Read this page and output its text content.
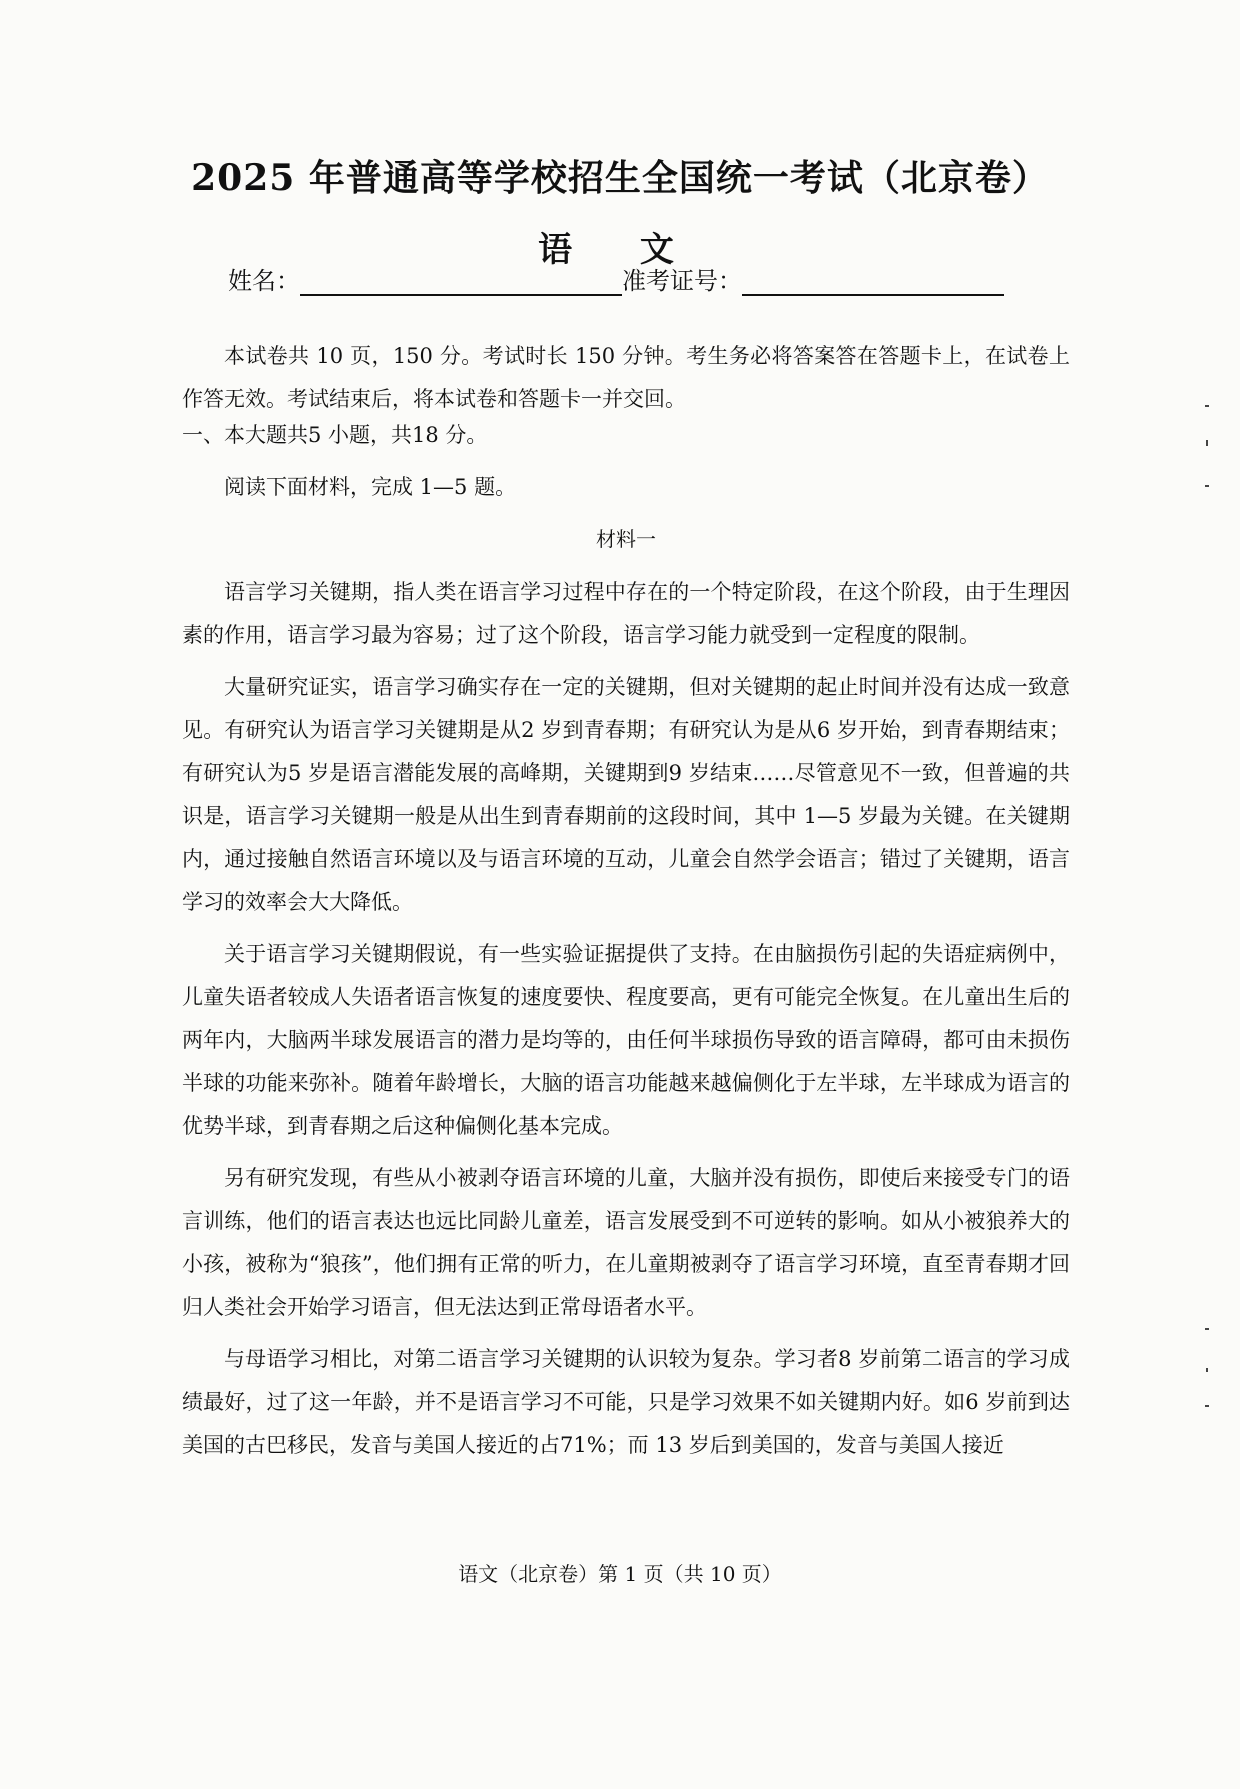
2025 年普通高等学校招生全国统一考试（北京卷）
语 文
姓名：	准考证号：

本试卷共 10 页，150 分。考试时长 150 分钟。考生务必将答案答在答题卡上，在试卷上作答无效。考试结束后，将本试卷和答题卡一并交回。

一、本大题共5 小题，共18 分。

阅读下面材料，完成 1—5 题。

材料一

语言学习关键期，指人类在语言学习过程中存在的一个特定阶段，在这个阶段，由于生理因素的作用，语言学习最为容易；过了这个阶段，语言学习能力就受到一定程度的限制。

大量研究证实，语言学习确实存在一定的关键期，但对关键期的起止时间并没有达成一致意见。有研究认为语言学习关键期是从2 岁到青春期；有研究认为是从6 岁开始，到青春期结束；有研究认为5 岁是语言潜能发展的高峰期，关键期到9 岁结束……尽管意见不一致，但普遍的共识是，语言学习关键期一般是从出生到青春期前的这段时间，其中 1—5 岁最为关键。在关键期内，通过接触自然语言环境以及与语言环境的互动，儿童会自然学会语言；错过了关键期，语言学习的效率会大大降低。

关于语言学习关键期假说，有一些实验证据提供了支持。在由脑损伤引起的失语症病例中，儿童失语者较成人失语者语言恢复的速度要快、程度要高，更有可能完全恢复。在儿童出生后的两年内，大脑两半球发展语言的潜力是均等的，由任何半球损伤导致的语言障碍，都可由未损伤半球的功能来弥补。随着年龄增长，大脑的语言功能越来越偏侧化于左半球，左半球成为语言的优势半球，到青春期之后这种偏侧化基本完成。

另有研究发现，有些从小被剥夺语言环境的儿童，大脑并没有损伤，即使后来接受专门的语言训练，他们的语言表达也远比同龄儿童差，语言发展受到不可逆转的影响。如从小被狼养大的小孩，被称为“狼孩”，他们拥有正常的听力，在儿童期被剥夺了语言学习环境，直至青春期才回归人类社会开始学习语言，但无法达到正常母语者水平。

与母语学习相比，对第二语言学习关键期的认识较为复杂。学习者8 岁前第二语言的学习成绩最好，过了这一年龄，并不是语言学习不可能，只是学习效果不如关键期内好。如6 岁前到达美国的古巴移民，发音与美国人接近的占71%；而 13 岁后到美国的，发音与美国人接近

语文（北京卷）第 1 页（共 10 页）
